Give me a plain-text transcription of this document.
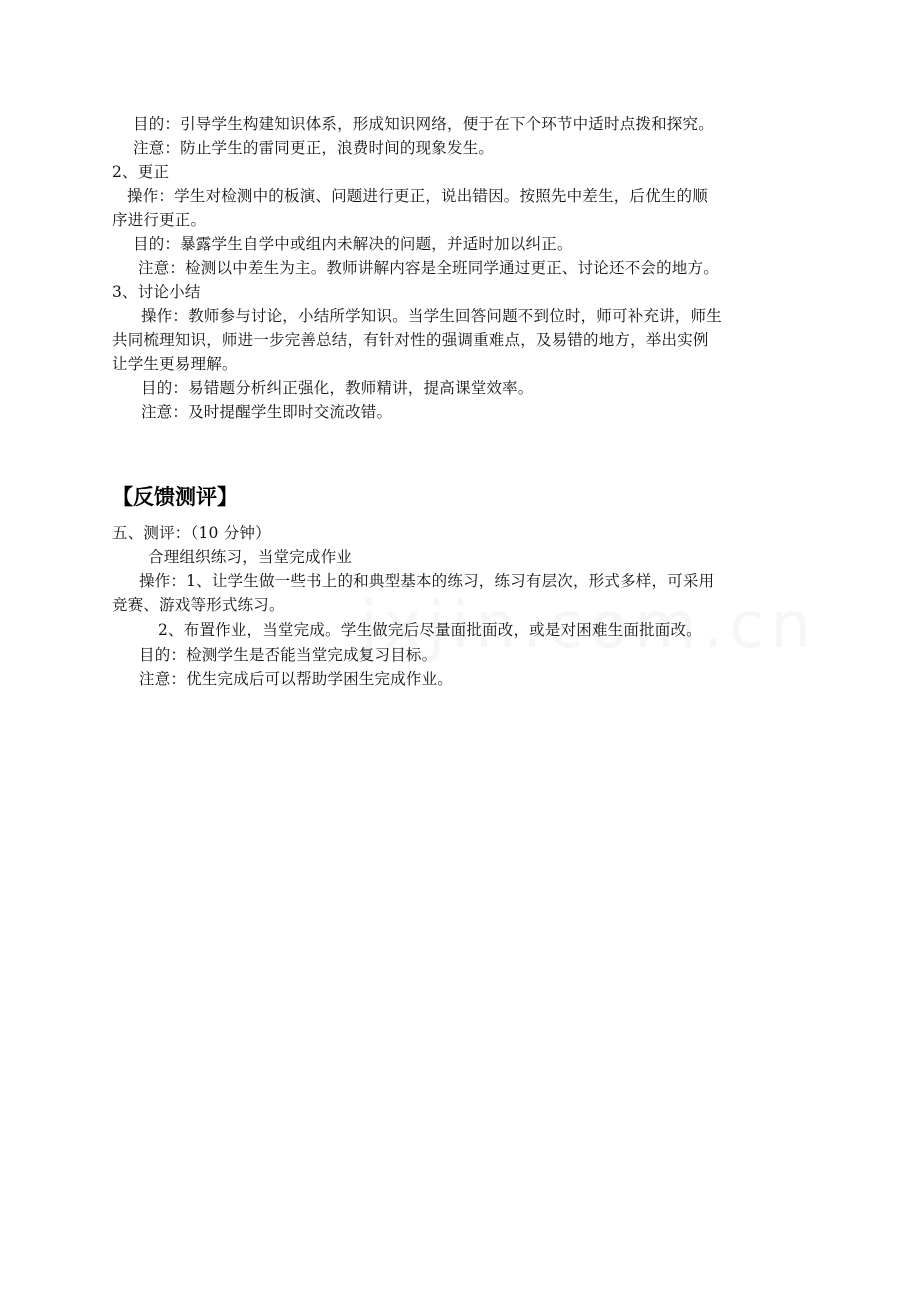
目的：引导学生构建知识体系，形成知识网络，便于在下个环节中适时点拨和探究。
注意：防止学生的雷同更正，浪费时间的现象发生。
2、更正
操作：学生对检测中的板演、问题进行更正，说出错因。按照先中差生，后优生的顺
序进行更正。
目的：暴露学生自学中或组内未解决的问题，并适时加以纠正。
注意：检测以中差生为主。教师讲解内容是全班同学通过更正、讨论还不会的地方。
3、讨论小结
操作：教师参与讨论，小结所学知识。当学生回答问题不到位时，师可补充讲，师生
共同梳理知识，师进一步完善总结，有针对性的强调重难点，及易错的地方，举出实例
让学生更易理解。
目的：易错题分析纠正强化，教师精讲，提高课堂效率。
注意：及时提醒学生即时交流改错。
【反馈测评】
五、测评：（10 分钟）
合理组织练习，当堂完成作业
操作：1、让学生做一些书上的和典型基本的练习，练习有层次，形式多样，可采用
竞赛、游戏等形式练习。
2、布置作业，当堂完成。学生做完后尽量面批面改，或是对困难生面批面改。
目的：检测学生是否能当堂完成复习目标。
注意：优生完成后可以帮助学困生完成作业。
